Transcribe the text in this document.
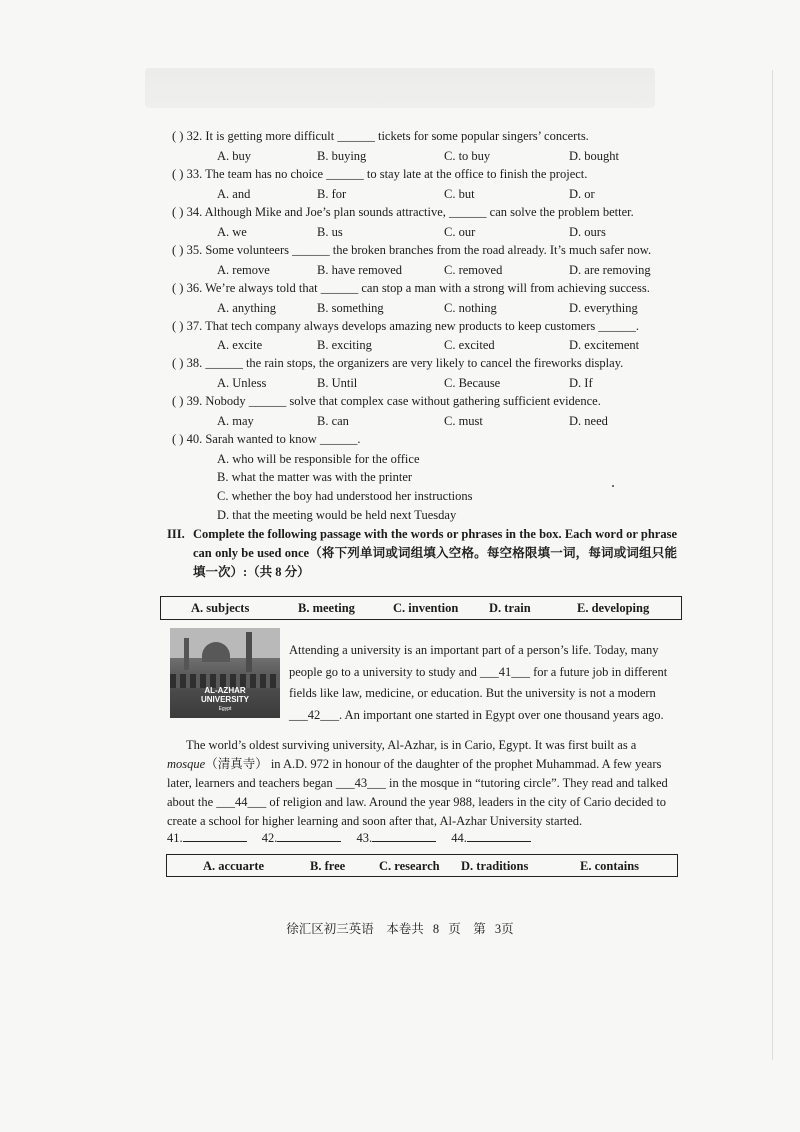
( ) 32. It is getting more difficult ______ tickets for some popular singers’ concerts.
A. buy	B. buying	C. to buy	D. bought
( ) 33. The team has no choice ______ to stay late at the office to finish the project.
A. and	B. for	C. but	D. or
( ) 34. Although Mike and Joe’s plan sounds attractive, ______ can solve the problem better.
A. we	B. us	C. our	D. ours
( ) 35. Some volunteers ______ the broken branches from the road already. It’s much safer now.
A. remove	B. have removed	C. removed	D. are removing
( ) 36. We’re always told that ______ can stop a man with a strong will from achieving success.
A. anything	B. something	C. nothing	D. everything
( ) 37. That tech company always develops amazing new products to keep customers ______.
A. excite	B. exciting	C. excited	D. excitement
( ) 38. ______ the rain stops, the organizers are very likely to cancel the fireworks display.
A. Unless	B. Until	C. Because	D. If
( ) 39. Nobody ______ solve that complex case without gathering sufficient evidence.
A. may	B. can	C. must	D. need
( ) 40. Sarah wanted to know ______.
A. who will be responsible for the office
B. what the matter was with the printer
C. whether the boy had understood her instructions
D. that the meeting would be held next Tuesday
III. Complete the following passage with the words or phrases in the box. Each word or phrase can only be used once（将下列单词或词组填入空格。每空格限填一词，每词或词组只能填一次）:（共 8 分）
A. subjects	B. meeting	C. invention D. train	E. developing
AL-AZHAR
UNIVERSITY
Egypt
Attending a university is an important part of a person’s life. Today, many
people go to a university to study and ___41___ for a future job in different
fields like law, medicine, or education. But the university is not a modern
___42___. An important one started in Egypt over one thousand years ago.
The world’s oldest surviving university, Al-Azhar, is in Cario, Egypt. It was first built as a
mosque（清真寺） in A.D. 972 in honour of the daughter of the prophet Muhammad. A few years
later, learners and teachers began ___43___ in the mosque in “tutoring circle”. They read and talked
about the ___44___ of religion and law. Around the year 988, leaders in the city of Cario decided to
create a school for higher learning and soon after that, Al-Azhar University started.
41.	42.	43.	44.
A. accuarte	B. free	C. research D. traditions	E. contains
徐汇区初三英语　本卷共 8 页　第 3页
